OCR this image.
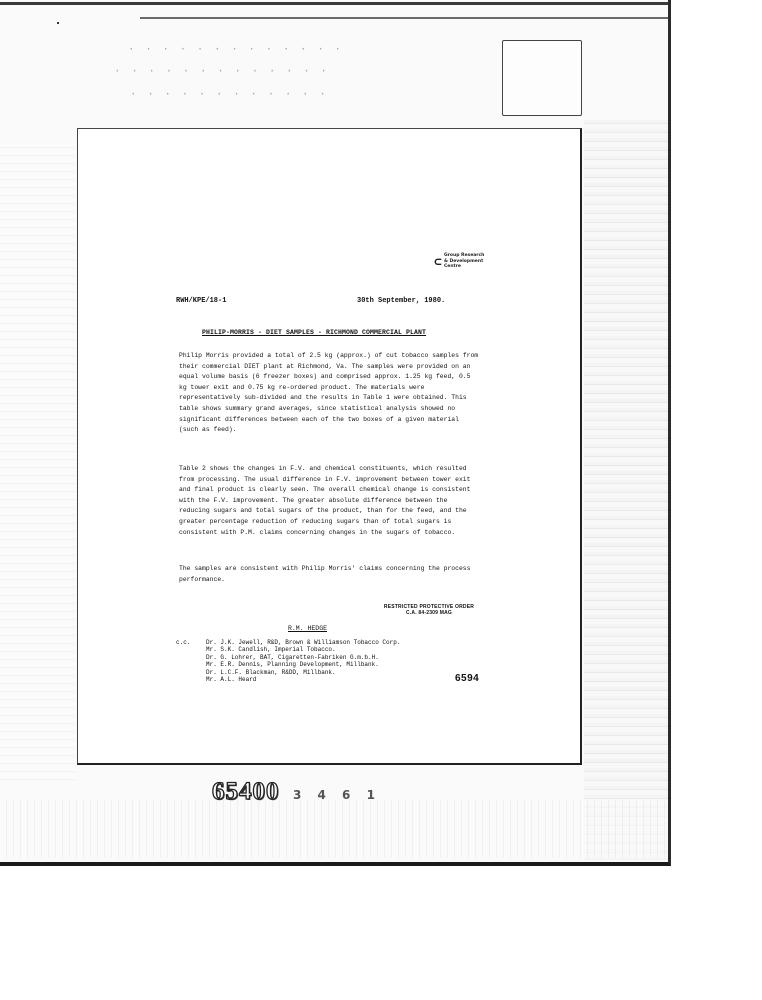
· · · · · · · · · · · · ·
· · · · · · · · · · · · ·
· · · · · · · · · · · ·
⊂ Group Research & Development Centre
RWH/KPE/18-1	30th September, 1980.
PHILIP-MORRIS - DIET SAMPLES - RICHMOND COMMERCIAL PLANT

Philip Morris provided a total of 2.5 kg (approx.) of cut tobacco samples from their commercial DIET plant at Richmond, Va. The samples were provided on an equal volume basis (6 freezer boxes) and comprised approx. 1.25 kg feed, 0.5 kg tower exit and 0.75 kg re-ordered product. The materials were representatively sub-divided and the results in Table 1 were obtained. This table shows summary grand averages, since statistical analysis showed no significant differences between each of the two boxes of a given material (such as feed).

Table 2 shows the changes in F.V. and chemical constituents, which resulted from processing. The usual difference in F.V. improvement between tower exit and final product is clearly seen. The overall chemical change is consistent with the F.V. improvement. The greater absolute difference between the reducing sugars and total sugars of the product, than for the feed, and the greater percentage reduction of reducing sugars than of total sugars is consistent with P.M. claims concerning changes in the sugars of tobacco.

The samples are consistent with Philip Morris' claims concerning the process performance.

RESTRICTED PROTECTIVE ORDER
C.A. 84-2309 MAG
R.M. HEDGE
c.c.	Dr. J.K. Jewell, R&D, Brown & Williamson Tobacco Corp.
Mr. S.K. Candlish, Imperial Tobacco.
Dr. G. Lohrer, BAT, Cigaretten-Fabriken G.m.b.H.
Mr. E.R. Dennis, Planning Development, Millbank.
Dr. L.C.F. Blackman, R&DD, Millbank.
Mr. A.L. Heard	6594
65400 3 4 6 1
